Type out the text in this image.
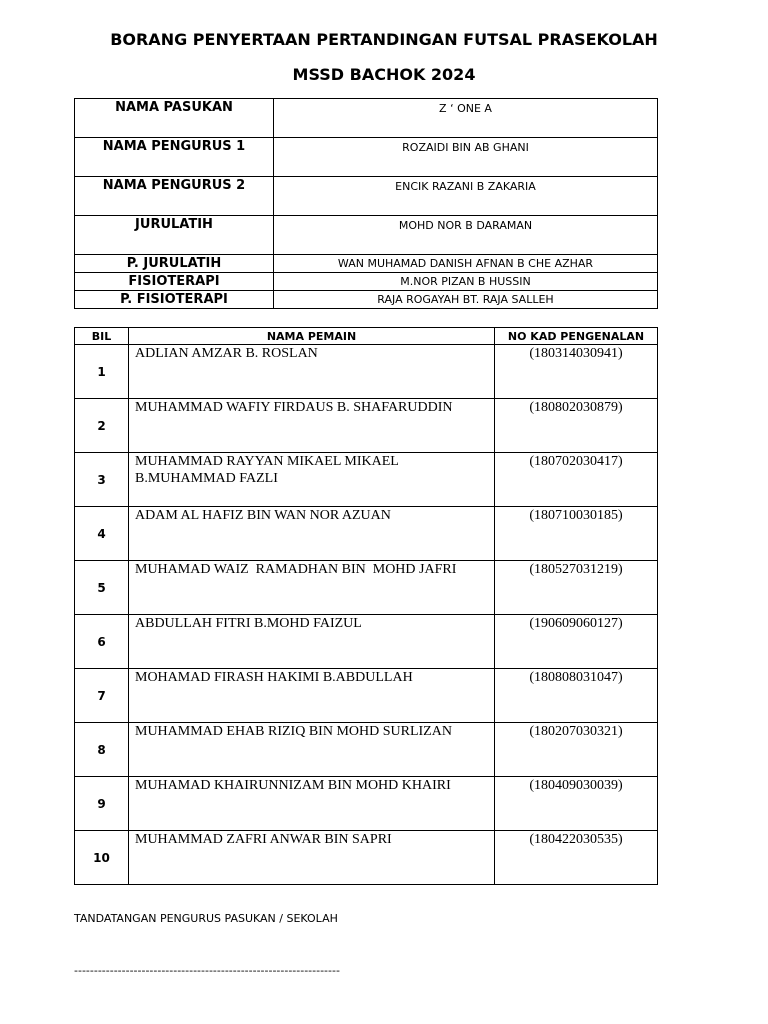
BORANG PENYERTAAN PERTANDINGAN FUTSAL PRASEKOLAH
MSSD BACHOK 2024
NAMA PASUKAN	Z ‘ ONE A
NAMA PENGURUS 1	ROZAIDI BIN AB GHANI
NAMA PENGURUS 2	ENCIK RAZANI B ZAKARIA
JURULATIH	MOHD NOR B DARAMAN
P. JURULATIH	WAN MUHAMAD DANISH AFNAN B CHE AZHAR
FISIOTERAPI	M.NOR PIZAN B HUSSIN
P. FISIOTERAPI	RAJA ROGAYAH BT. RAJA SALLEH
BIL	NAMA PEMAIN	NO KAD PENGENALAN
1	ADLIAN AMZAR B. ROSLAN	(180314030941)
2	MUHAMMAD WAFIY FIRDAUS B. SHAFARUDDIN	(180802030879)
3	MUHAMMAD RAYYAN MIKAEL MIKAEL B.MUHAMMAD FAZLI	(180702030417)
4	ADAM AL HAFIZ BIN WAN NOR AZUAN	(180710030185)
5	MUHAMAD WAIZ  RAMADHAN BIN  MOHD JAFRI	(180527031219)
6	ABDULLAH FITRI B.MOHD FAIZUL	(190609060127)
7	MOHAMAD FIRASH HAKIMI B.ABDULLAH	(180808031047)
8	MUHAMMAD EHAB RIZIQ BIN MOHD SURLIZAN	(180207030321)
9	MUHAMAD KHAIRUNNIZAM BIN MOHD KHAIRI	(180409030039)
10	MUHAMMAD ZAFRI ANWAR BIN SAPRI	(180422030535)
TANDATANGAN PENGURUS PASUKAN / SEKOLAH
-------------------------------------------------------------------
